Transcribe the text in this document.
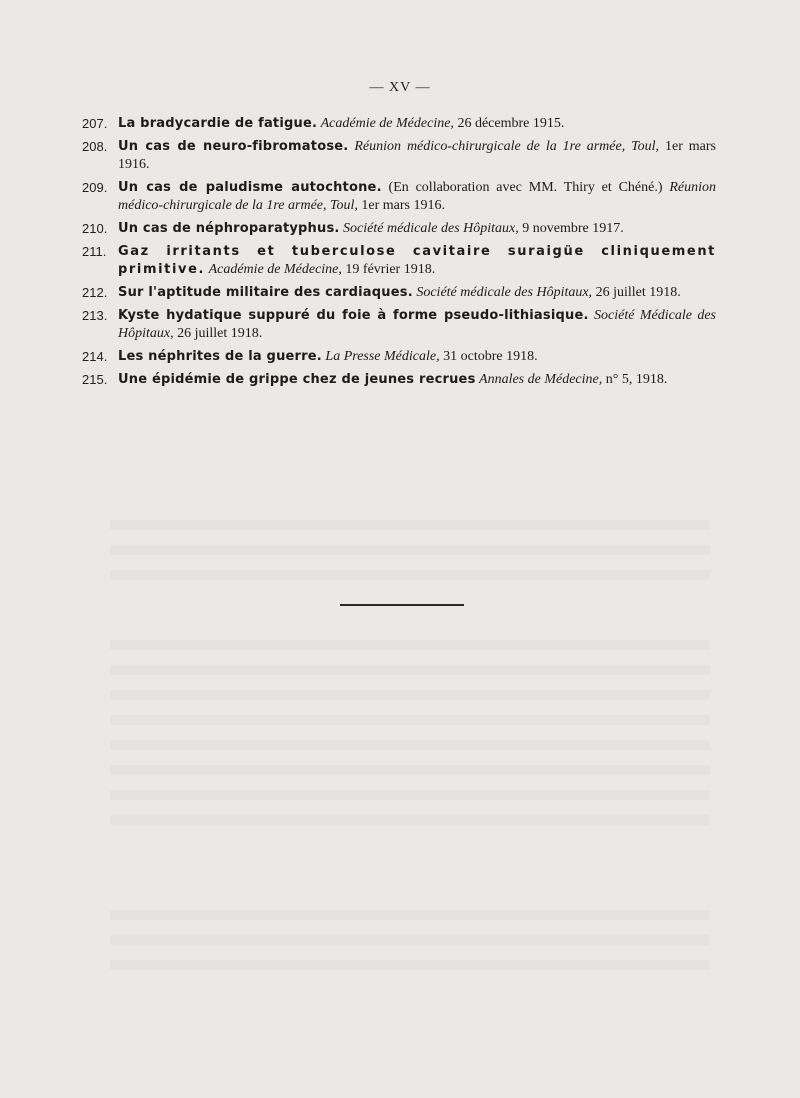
— XV —
207. La bradycardie de fatigue. Académie de Médecine, 26 décembre 1915.
208. Un cas de neuro-fibromatose. Réunion médico-chirurgicale de la 1re armée, Toul, 1er mars 1916.
209. Un cas de paludisme autochtone. (En collaboration avec MM. Thiry et Chéné.) Réunion médico-chirurgicale de la 1re armée, Toul, 1er mars 1916.
210. Un cas de néphroparatyphus. Société médicale des Hôpitaux, 9 novembre 1917.
211. Gaz irritants et tuberculose cavitaire suraigüe cliniquement primitive. Académie de Médecine, 19 février 1918.
212. Sur l'aptitude militaire des cardiaques. Société médicale des Hôpitaux, 26 juillet 1918.
213. Kyste hydatique suppuré du foie à forme pseudo-lithiasique. Société Médicale des Hôpitaux, 26 juillet 1918.
214. Les néphrites de la guerre. La Presse Médicale, 31 octobre 1918.
215. Une épidémie de grippe chez de jeunes recrues Annales de Médecine, n° 5, 1918.
